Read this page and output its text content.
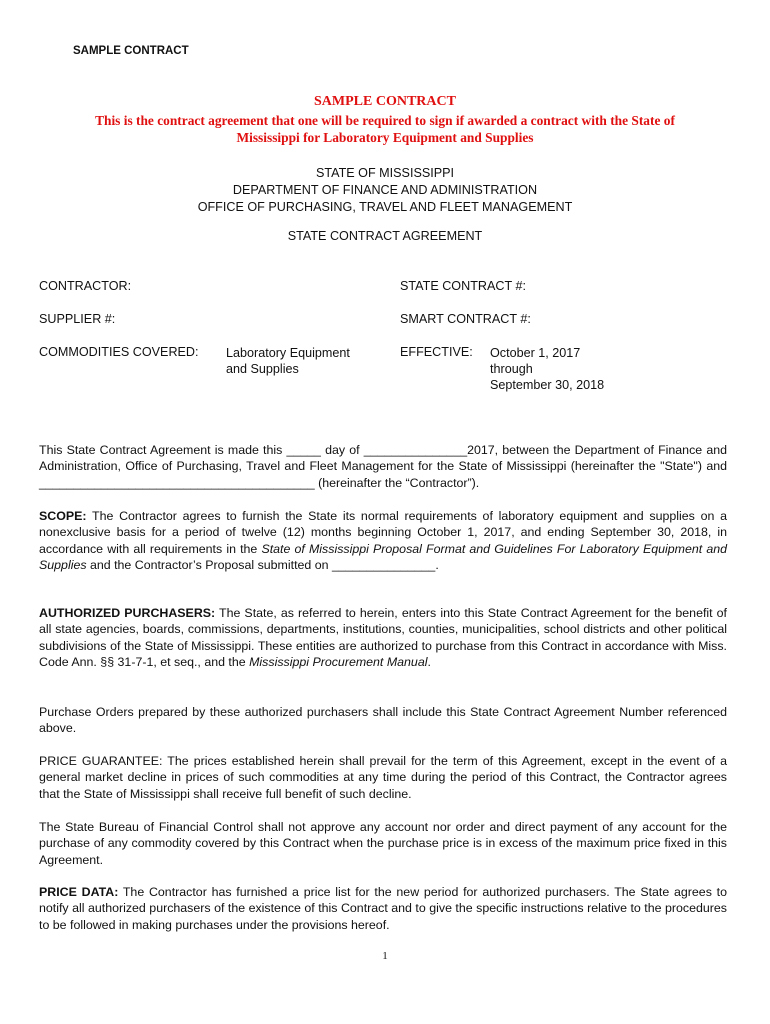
SAMPLE CONTRACT
SAMPLE CONTRACT
This is the contract agreement that one will be required to sign if awarded a contract with the State of
Mississippi for Laboratory Equipment and Supplies
STATE OF MISSISSIPPI
DEPARTMENT OF FINANCE AND ADMINISTRATION
OFFICE OF PURCHASING, TRAVEL AND FLEET MANAGEMENT
STATE CONTRACT AGREEMENT
CONTRACTOR:	STATE CONTRACT #:
SUPPLIER #:	SMART CONTRACT #:
COMMODITIES COVERED: Laboratory Equipment
and Supplies
EFFECTIVE: October 1, 2017
through
September 30, 2018
This State Contract Agreement is made this _____ day of _______________2017, between the Department of Finance and Administration, Office of Purchasing, Travel and Fleet Management for the State of Mississippi (hereinafter the "State") and ________________________________________ (hereinafter the “Contractor”).
SCOPE: The Contractor agrees to furnish the State its normal requirements of laboratory equipment and supplies on a nonexclusive basis for a period of twelve (12) months beginning October 1, 2017, and ending September 30, 2018, in accordance with all requirements in the State of Mississippi Proposal Format and Guidelines For Laboratory Equipment and Supplies and the Contractor’s Proposal submitted on _______________.
AUTHORIZED PURCHASERS: The State, as referred to herein, enters into this State Contract Agreement for the benefit of all state agencies, boards, commissions, departments, institutions, counties, municipalities, school districts and other political subdivisions of the State of Mississippi. These entities are authorized to purchase from this Contract in accordance with Miss. Code Ann. §§ 31-7-1, et seq., and the Mississippi Procurement Manual.
Purchase Orders prepared by these authorized purchasers shall include this State Contract Agreement Number referenced above.
PRICE GUARANTEE: The prices established herein shall prevail for the term of this Agreement, except in the event of a general market decline in prices of such commodities at any time during the period of this Contract, the Contractor agrees that the State of Mississippi shall receive full benefit of such decline.
The State Bureau of Financial Control shall not approve any account nor order and direct payment of any account for the purchase of any commodity covered by this Contract when the purchase price is in excess of the maximum price fixed in this Agreement.
PRICE DATA: The Contractor has furnished a price list for the new period for authorized purchasers. The State agrees to notify all authorized purchasers of the existence of this Contract and to give the specific instructions relative to the procedures to be followed in making purchases under the provisions hereof.
1
